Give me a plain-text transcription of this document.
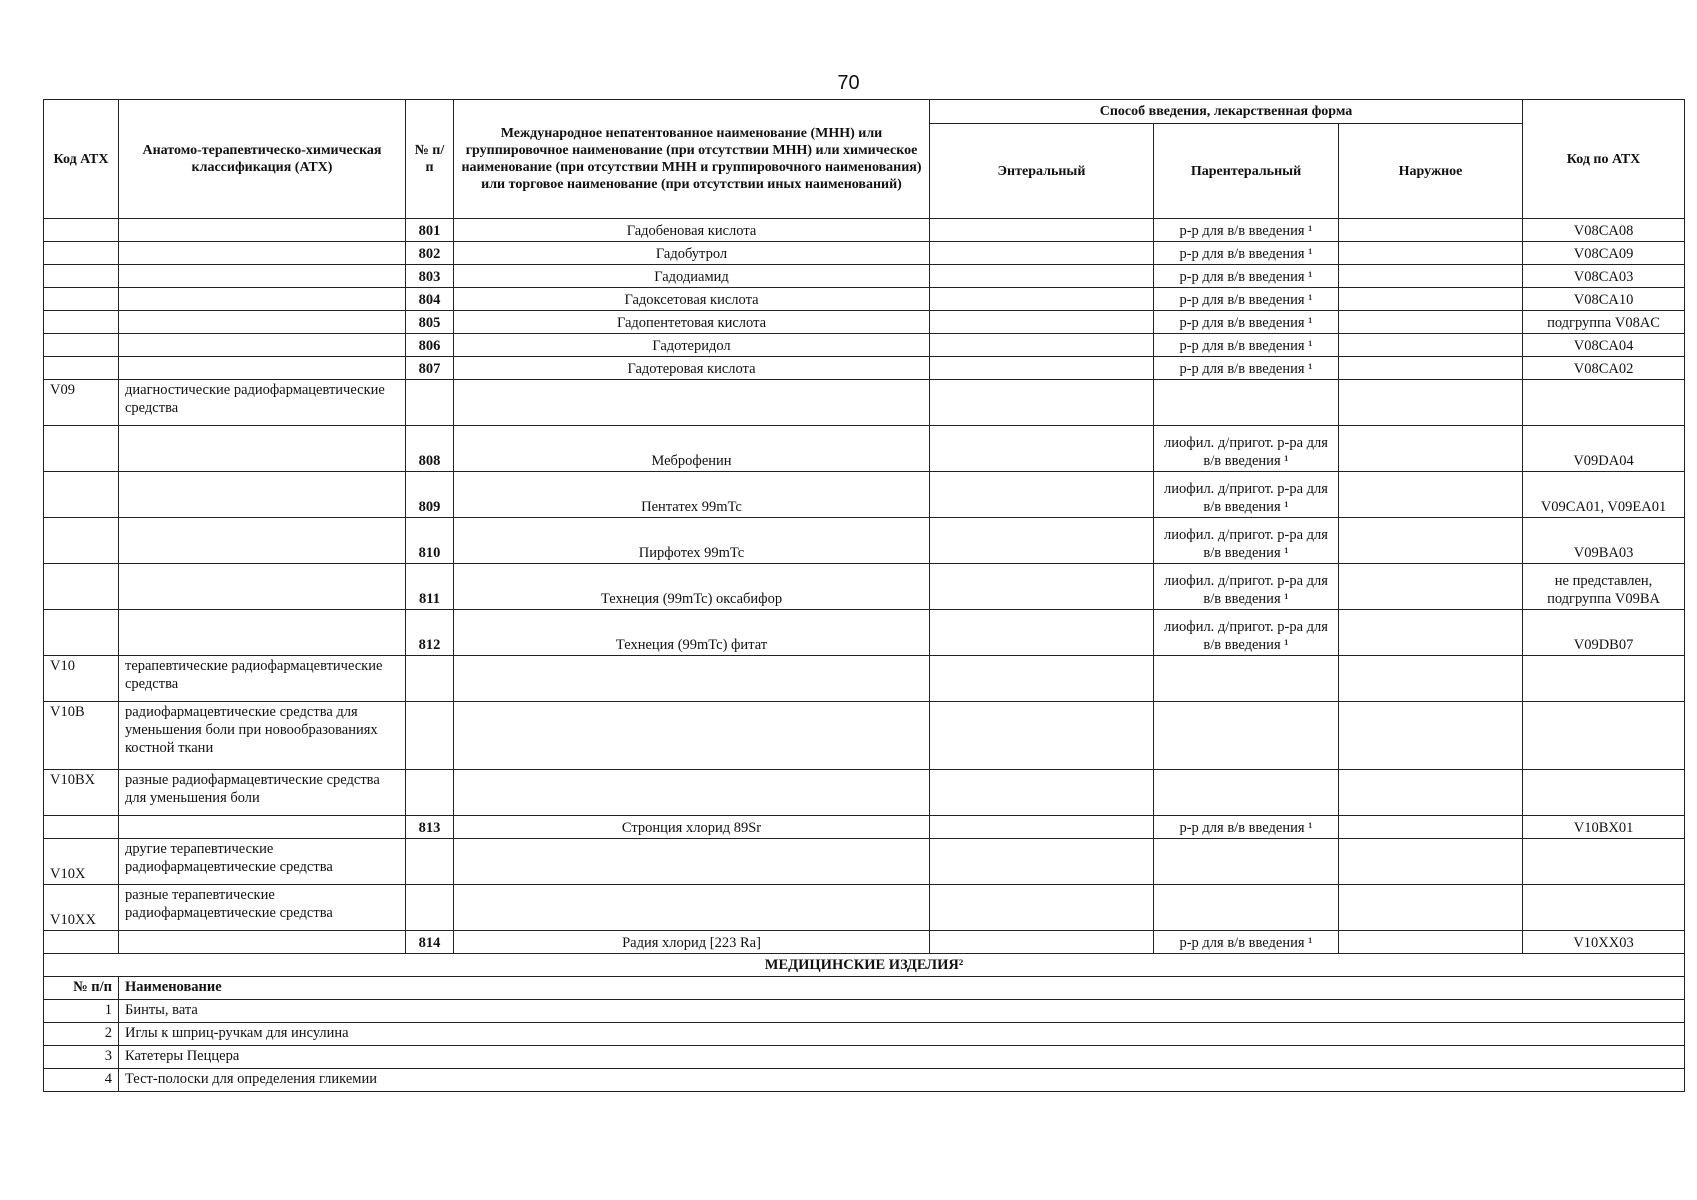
70
Код АТХ	Анатомо-терапевтическо-химическая классификация (АТХ)	№ п/п	Международное непатентованное наименование (МНН) или группировочное наименование (при отсутствии МНН) или химическое наименование (при отсутствии МНН и группировочного наименования) или торговое наименование (при отсутствии иных наименований)	Способ введения, лекарственная форма			Код по АТХ
				Энтеральный	Парентеральный	Наружное	
		801	Гадобеновая кислота		р-р для в/в введения ¹		V08CA08
		802	Гадобутрол		р-р для в/в введения ¹		V08CA09
		803	Гадодиамид		р-р для в/в введения ¹		V08CA03
		804	Гадоксетовая кислота		р-р для в/в введения ¹		V08CA10
		805	Гадопентетовая кислота		р-р для в/в введения ¹		подгруппа V08AC
		806	Гадотеридол		р-р для в/в введения ¹		V08CA04
		807	Гадотеровая кислота		р-р для в/в введения ¹		V08CA02
V09	диагностические радиофармацевтические средства						
		808	Меброфенин		лиофил. д/пригот. р-ра для в/в введения ¹		V09DA04
		809	Пентатех 99mTc		лиофил. д/пригот. р-ра для в/в введения ¹		V09CA01, V09EA01
		810	Пирфотех 99mTc		лиофил. д/пригот. р-ра для в/в введения ¹		V09BA03
		811	Технеция (99mTc) оксабифор		лиофил. д/пригот. р-ра для в/в введения ¹		не представлен, подгруппа V09BA
		812	Технеция (99mTc) фитат		лиофил. д/пригот. р-ра для в/в введения ¹		V09DB07
V10	терапевтические радиофармацевтические средства						
V10B	радиофармацевтические средства для уменьшения боли при новообразованиях костной ткани						
V10BX	разные радиофармацевтические средства для уменьшения боли						
		813	Стронция хлорид 89Sr		р-р для в/в введения ¹		V10BX01
V10X	другие терапевтические радиофармацевтические средства						
V10XX	разные терапевтические радиофармацевтические средства						
		814	Радия хлорид [223 Ra]		р-р для в/в введения ¹		V10XX03
МЕДИЦИНСКИЕ ИЗДЕЛИЯ²							
№ п/п	Наименование						
1	Бинты, вата						
2	Иглы к шприц-ручкам для инсулина						
3	Катетеры Пеццера						
4	Тест-полоски для определения гликемии						
